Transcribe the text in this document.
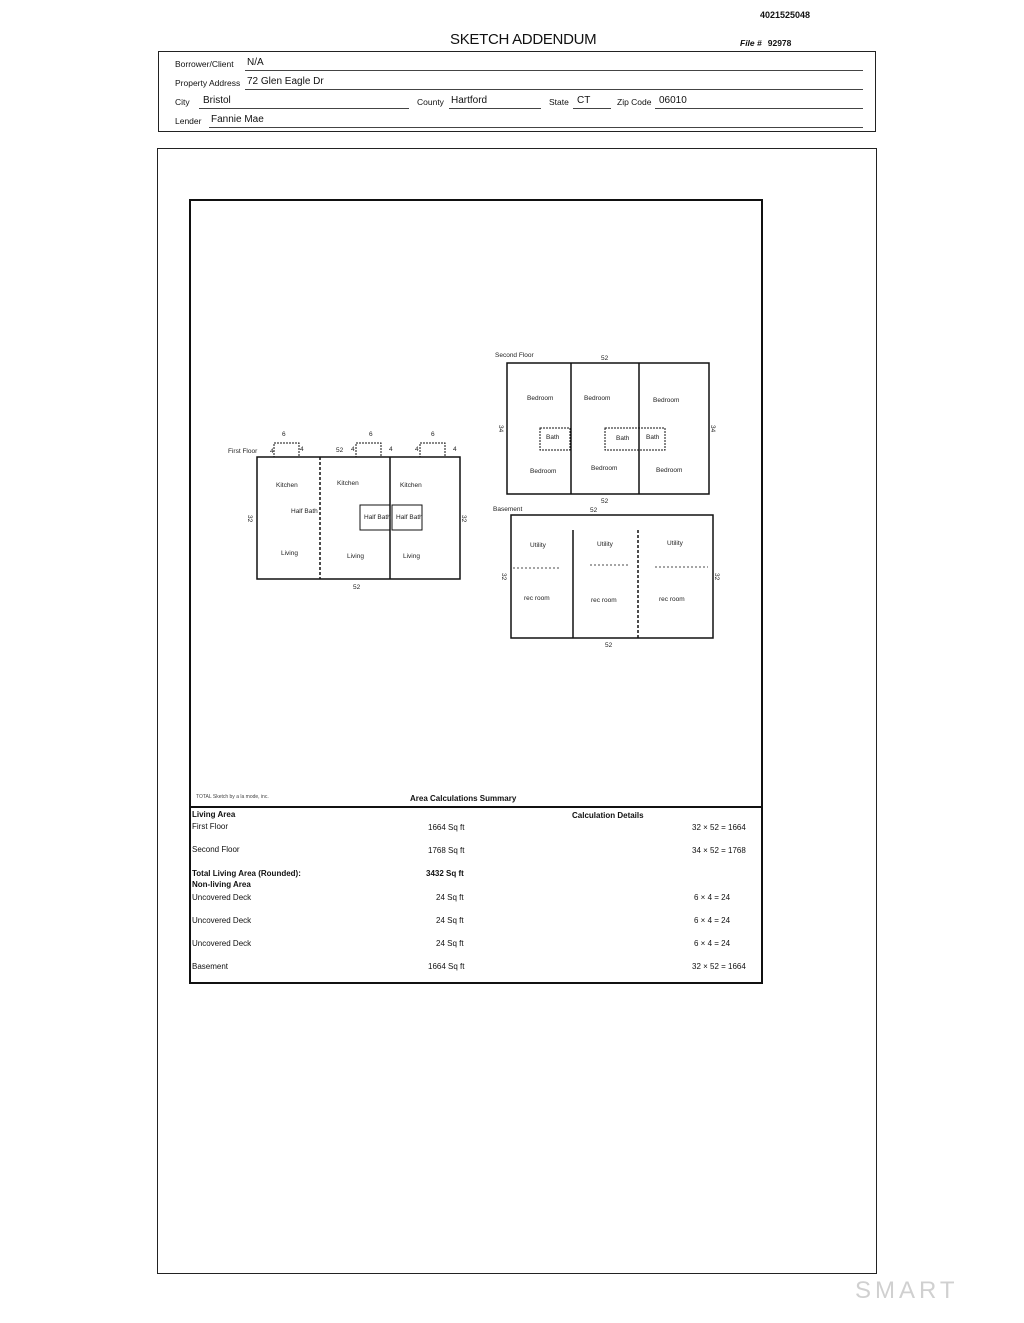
4021525048
SKETCH ADDENDUM	File # 92978
Borrower/Client N/A
Property Address 72 Glen Eagle Dr
City Bristol	County Hartford	State CT	Zip Code 06010
Lender Fannie Mae
First Floor
Second Floor
Basement
Kitchen	Kitchen	Kitchen
Half Bath
Half Bath Half Bath
Living	Living	Living
Bedroom	Bedroom	Bedroom
Bath	Bath	Bath
Bedroom	Bedroom	Bedroom
Utility	Utility	Utility
rec room	rec room	rec room
52
52
52
52
52
52
6	6	6
4	4	4	4	4	4
32	32
34	34
32	32
TOTAL Sketch by a la mode, inc.	Area Calculations Summary
Living Area	Calculation Details
First Floor	1664 Sq ft	32 × 52 = 1664
Second Floor	1768 Sq ft	34 × 52 = 1768
Total Living Area (Rounded):	3432 Sq ft
Non-living Area
Uncovered Deck	24 Sq ft	6 × 4 = 24
Uncovered Deck	24 Sq ft	6 × 4 = 24
Uncovered Deck	24 Sq ft	6 × 4 = 24
Basement	1664 Sq ft	32 × 52 = 1664
SMART
